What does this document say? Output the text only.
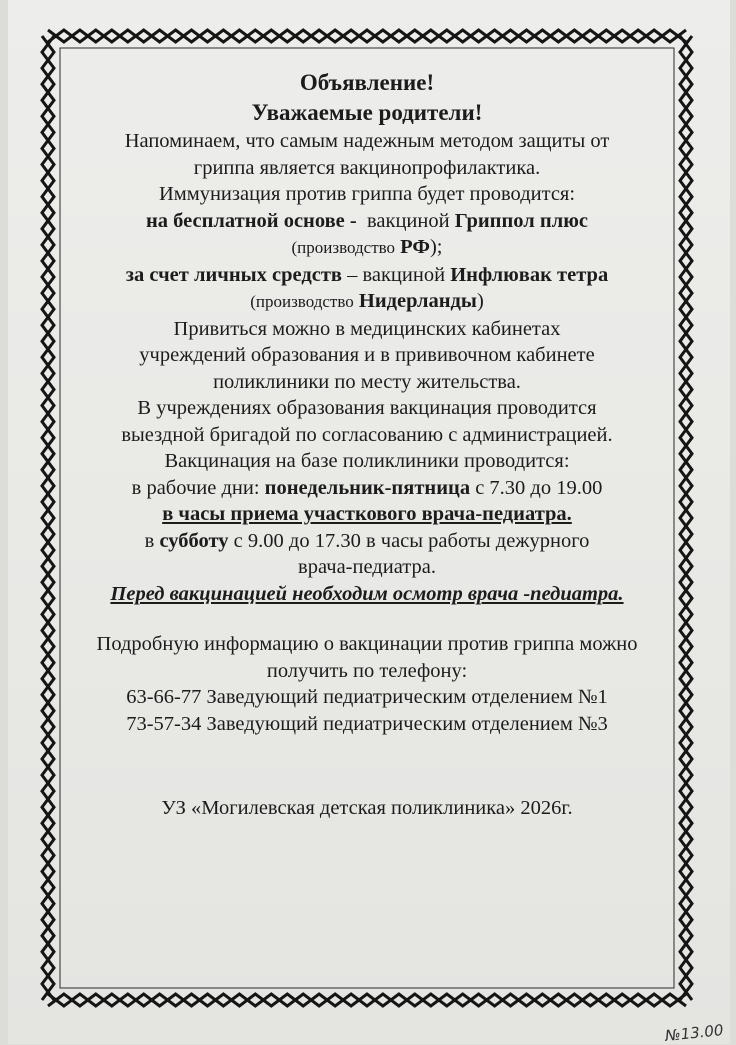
Объявление!

Уважаемые родители!

Напоминаем, что самым надежным методом защиты от

гриппа является вакцинопрофилактика.

Иммунизация против гриппа будет проводится:

на бесплатной основе - вакциной Гриппол плюс

(производство РФ);

за счет личных средств – вакциной Инфлювак тетра

(производство Нидерланды)

Привиться можно в медицинских кабинетах

учреждений образования и в прививочном кабинете

поликлиники по месту жительства.

В учреждениях образования вакцинация проводится

выездной бригадой по согласованию с администрацией.

Вакцинация на базе поликлиники проводится:

в рабочие дни: понедельник-пятница с 7.30 до 19.00

в часы приема участкового врача-педиатра.

в субботу с 9.00 до 17.30 в часы работы дежурного

врача-педиатра.

Перед вакцинацией необходим осмотр врача -педиатра.

Подробную информацию о вакцинации против гриппа можно

получить по телефону:

63-66-77 Заведующий педиатрическим отделением №1

73-57-34 Заведующий педиатрическим отделением №3

УЗ «Могилевская детская поликлиника» 2026г.

№13.00
